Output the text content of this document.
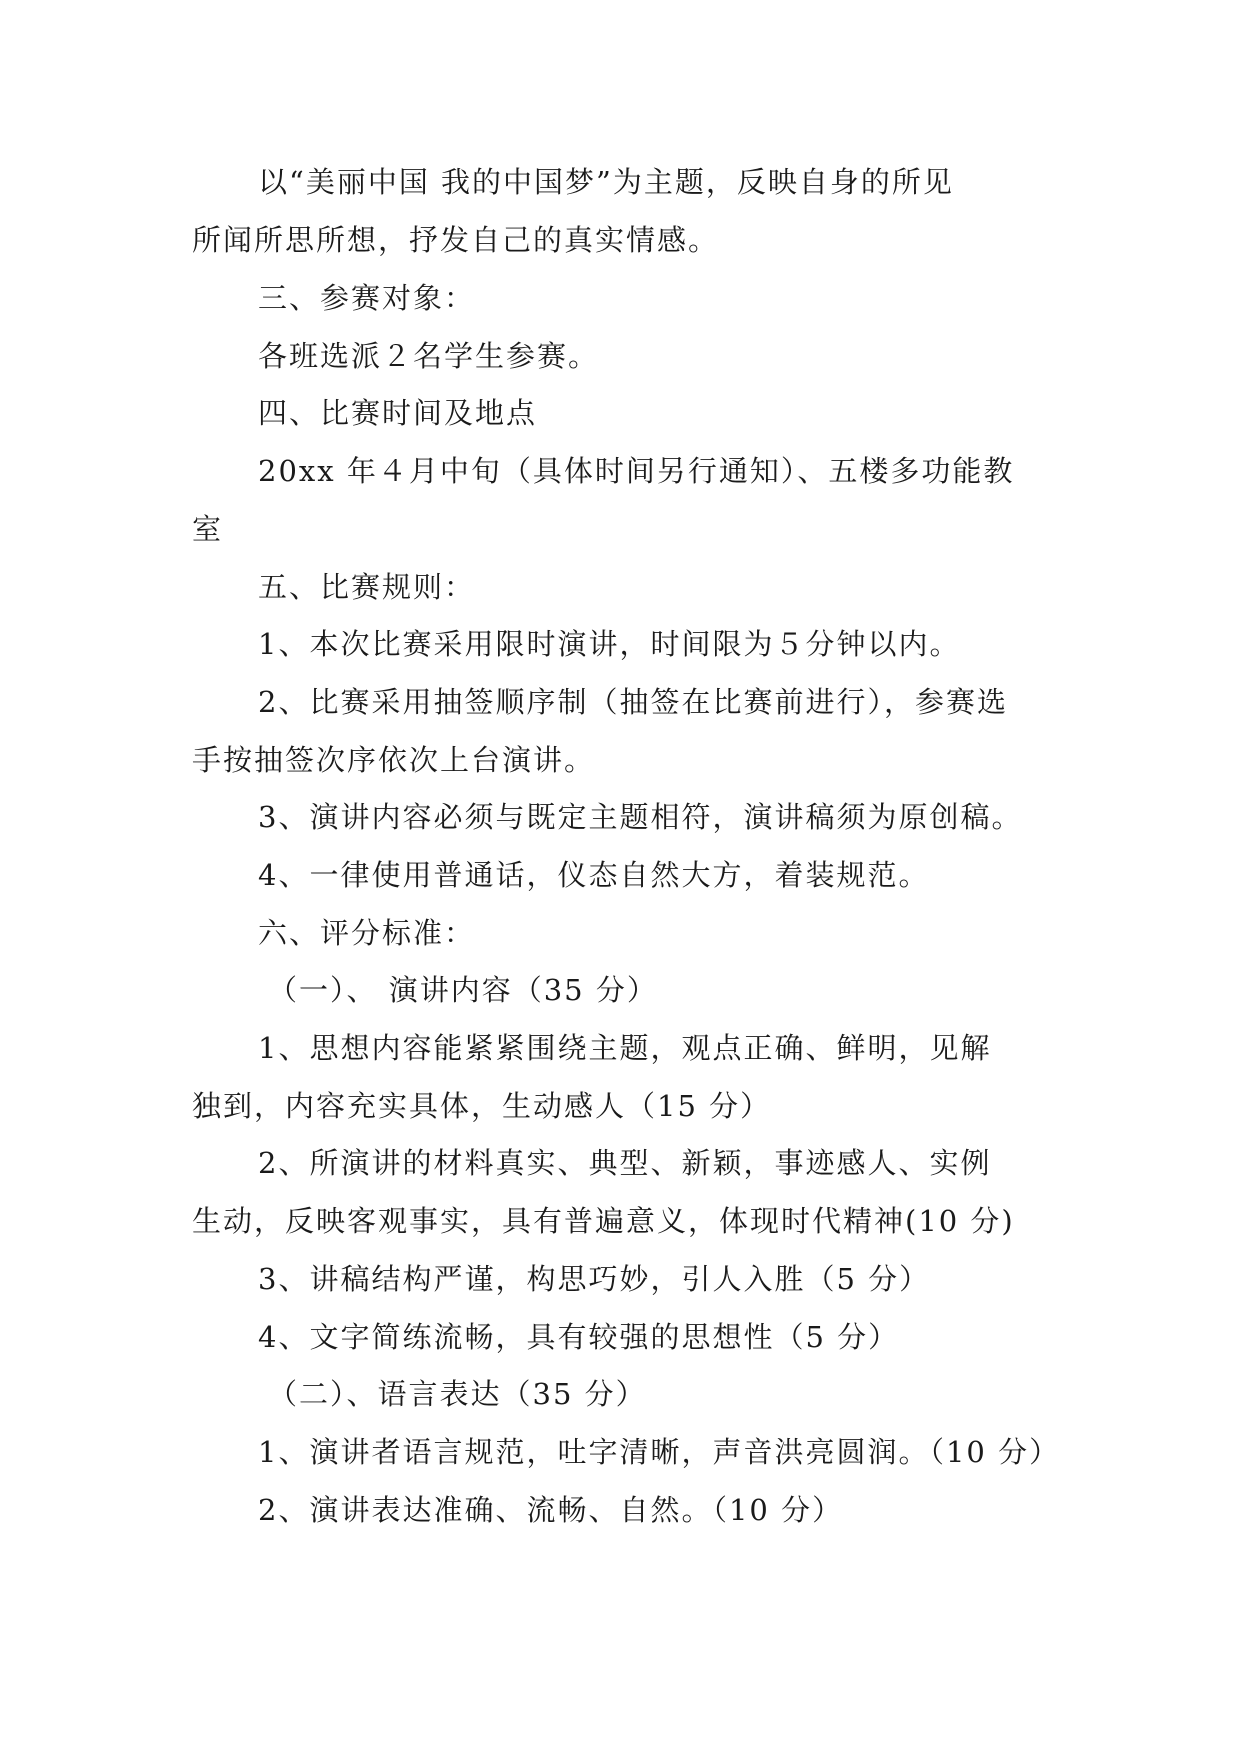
以“美丽中国 我的中国梦”为主题，反映自身的所见
所闻所思所想，抒发自己的真实情感。
三、参赛对象：
各班选派２名学生参赛。
四、比赛时间及地点
20xx 年４月中旬（具体时间另行通知）、五楼多功能教
室
五、比赛规则：
1、本次比赛采用限时演讲，时间限为５分钟以内。
2、比赛采用抽签顺序制（抽签在比赛前进行），参赛选
手按抽签次序依次上台演讲。
3、演讲内容必须与既定主题相符，演讲稿须为原创稿。
4、一律使用普通话，仪态自然大方，着装规范。
六、评分标准：
（一）、 演讲内容（35 分）
1、思想内容能紧紧围绕主题，观点正确、鲜明，见解
独到，内容充实具体，生动感人（15 分）
2、所演讲的材料真实、典型、新颖，事迹感人、实例
生动，反映客观事实，具有普遍意义，体现时代精神(10 分)
3、讲稿结构严谨，构思巧妙，引人入胜（5 分）
4、文字简练流畅，具有较强的思想性（5 分）
（二）、语言表达（35 分）
1、演讲者语言规范，吐字清晰，声音洪亮圆润。（10 分）
2、演讲表达准确、流畅、自然。（10 分）
